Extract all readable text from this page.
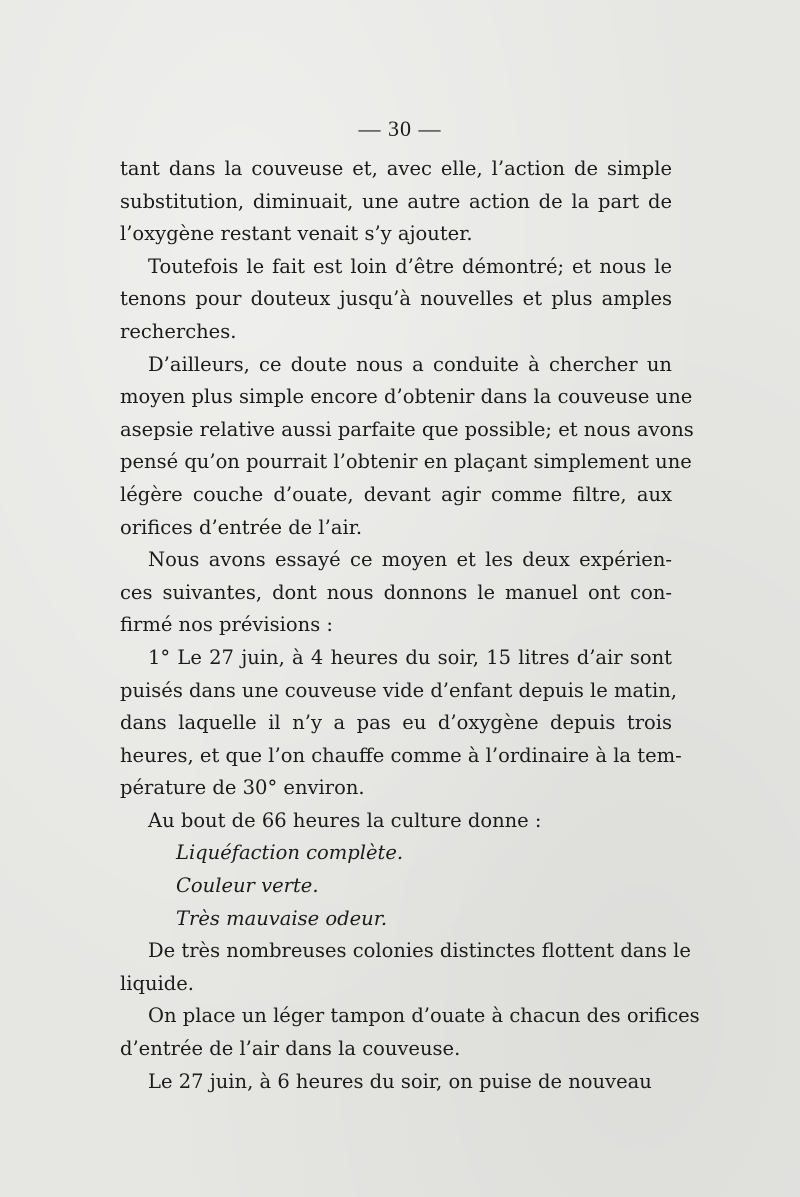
— 30 —

tant dans la couveuse et, avec elle, l’action de simple
substitution, diminuait, une autre action de la part de
l’oxygène restant venait s’y ajouter.

Toutefois le fait est loin d’être démontré; et nous le
tenons pour douteux jusqu’à nouvelles et plus amples
recherches.

D’ailleurs, ce doute nous a conduite à chercher un
moyen plus simple encore d’obtenir dans la couveuse une
asepsie relative aussi parfaite que possible; et nous avons
pensé qu’on pourrait l’obtenir en plaçant simplement une
légère couche d’ouate, devant agir comme filtre, aux
orifices d’entrée de l’air.

Nous avons essayé ce moyen et les deux expérien-
ces suivantes, dont nous donnons le manuel ont con-
firmé nos prévisions :

1° Le 27 juin, à 4 heures du soir, 15 litres d’air sont
puisés dans une couveuse vide d’enfant depuis le matin,
dans laquelle il n’y a pas eu d’oxygène depuis trois
heures, et que l’on chauffe comme à l’ordinaire à la tem-
pérature de 30° environ.

Au bout de 66 heures la culture donne :

Liquéfaction complète.

Couleur verte.

Très mauvaise odeur.

De très nombreuses colonies distinctes flottent dans le
liquide.

On place un léger tampon d’ouate à chacun des orifices
d’entrée de l’air dans la couveuse.

Le 27 juin, à 6 heures du soir, on puise de nouveau
